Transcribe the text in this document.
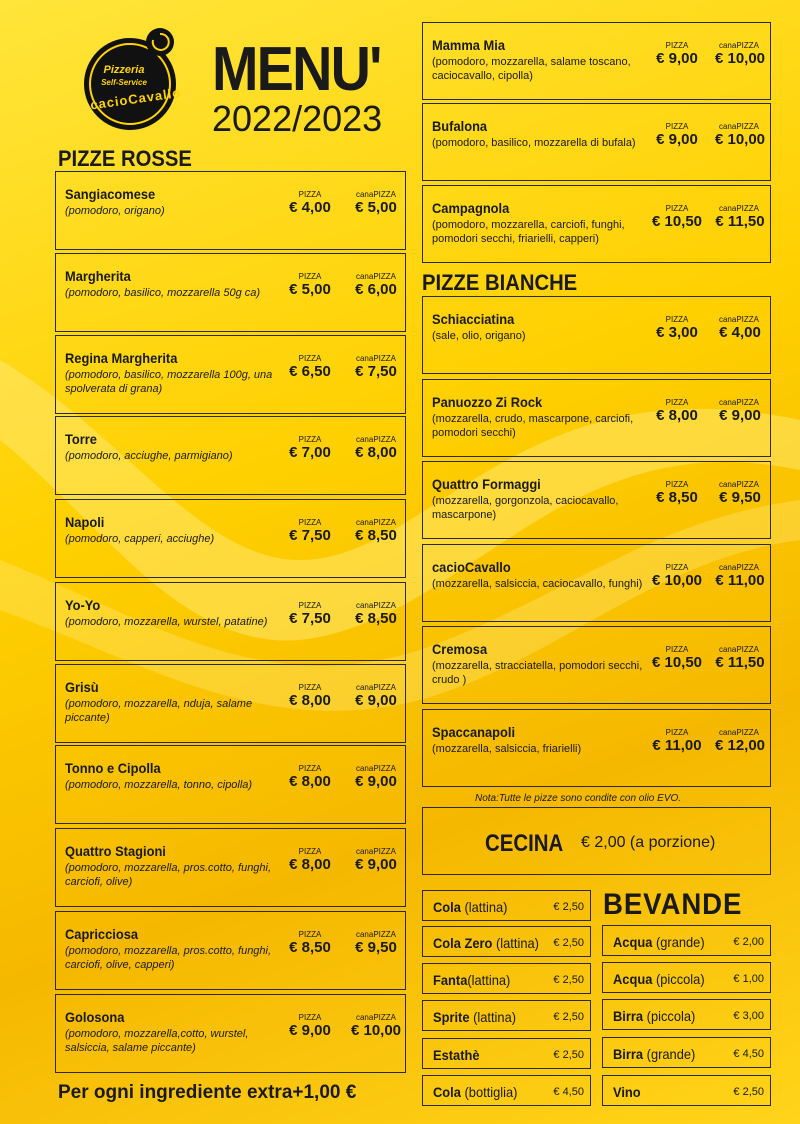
Pizzeria
Self-Service
cacioCavallo MENU'
2022/2023
PIZZE ROSSE
Sangiacomese
(pomodoro, origano)
PIZZA	canaPIZZA
€ 4,00	€ 5,00
Margherita
(pomodoro, basilico, mozzarella 50g ca)
PIZZA	canaPIZZA
€ 5,00	€ 6,00
Regina Margherita
(pomodoro, basilico, mozzarella 100g, una spolverata di grana)
PIZZA	canaPIZZA
€ 6,50	€ 7,50
Torre
(pomodoro, acciughe, parmigiano)
PIZZA	canaPIZZA
€ 7,00	€ 8,00
Napoli
(pomodoro, capperi, acciughe)
PIZZA	canaPIZZA
€ 7,50	€ 8,50
Yo-Yo
(pomodoro, mozzarella, wurstel, patatine)
PIZZA	canaPIZZA
€ 7,50	€ 8,50
Grisù
(pomodoro, mozzarella, nduja, salame piccante)
PIZZA	canaPIZZA
€ 8,00	€ 9,00
Tonno e Cipolla
(pomodoro, mozzarella, tonno, cipolla)
PIZZA	canaPIZZA
€ 8,00	€ 9,00
Quattro Stagioni
(pomodoro, mozzarella, pros.cotto, funghi, carciofi, olive)
PIZZA	canaPIZZA
€ 8,00	€ 9,00
Capricciosa
(pomodoro, mozzarella, pros.cotto, funghi, carciofi, olive, capperi)
PIZZA	canaPIZZA
€ 8,50	€ 9,50
Golosona
(pomodoro, mozzarella,cotto, wurstel, salsiccia, salame piccante)
PIZZA	canaPIZZA
€ 9,00	€ 10,00
Mamma Mia
(pomodoro, mozzarella, salame toscano, caciocavallo, cipolla)
PIZZA	canaPIZZA
€ 9,00	€ 10,00
Bufalona
(pomodoro, basilico, mozzarella di bufala)
PIZZA	canaPIZZA
€ 9,00	€ 10,00
Campagnola
(pomodoro, mozzarella, carciofi, funghi, pomodori secchi, friarielli, capperi)
PIZZA	canaPIZZA
€ 10,50 € 11,50
PIZZE BIANCHE
Schiacciatina
(sale, olio, origano)
PIZZA	canaPIZZA
€ 3,00	€ 4,00
Panuozzo Zi Rock
(mozzarella, crudo, mascarpone, carciofi, pomodori secchi)
PIZZA	canaPIZZA
€ 8,00	€ 9,00
Quattro Formaggi
(mozzarella, gorgonzola, caciocavallo, mascarpone)
PIZZA	canaPIZZA
€ 8,50	€ 9,50
cacioCavallo
(mozzarella, salsiccia, caciocavallo, funghi)
PIZZA	canaPIZZA
€ 10,00 € 11,00
Cremosa
(mozzarella, stracciatella, pomodori secchi, crudo )
PIZZA	canaPIZZA
€ 10,50 € 11,50
Spaccanapoli
(mozzarella, salsiccia, friarielli)
PIZZA	canaPIZZA
€ 11,00 € 12,00
Nota:Tutte le pizze sono condite con olio EVO.
CECINA € 2,00 (a porzione)
BEVANDE
Cola (lattina)	€ 2,50
Cola Zero (lattina) € 2,50
Fanta(lattina)	€ 2,50
Sprite (lattina)	€ 2,50
Estathè	€ 2,50
Cola (bottiglia)	€ 4,50
Acqua (grande)	€ 2,00
Acqua (piccola)	€ 1,00
Birra (piccola)	€ 3,00
Birra (grande)	€ 4,50
Vino	€ 2,50
Per ogni ingrediente extra+1,00 €
